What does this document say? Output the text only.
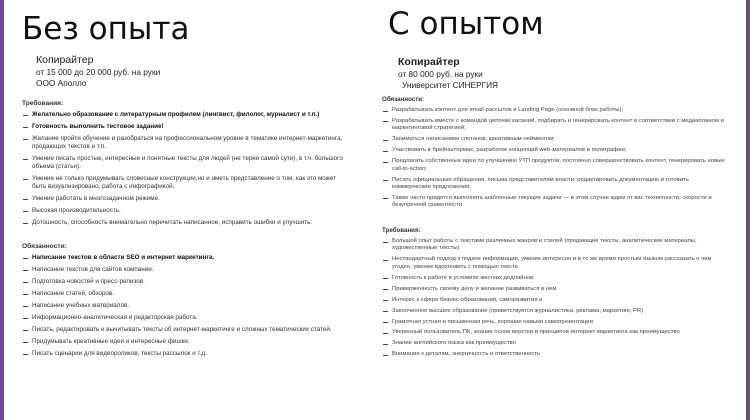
Без опыта
Копирайтер
от 15 000 до 20 000 руб. на руки
ООО Аполло
Требования:
Желательно образование с литературным профилем (лингвист, филолог, журналист и т.п.)
Готовность выполнить тестовое задание!
Желание пройти обучение и разобраться на профессиональном уровне в тематике интернет-маркетинга, продающих текстов и т.п.
Умение писать простые, интересные и понятные тексты для людей (не теряя самой сути), в т.ч. большого объема (статьи).
Умение не только придумывать словесные конструкции,но и иметь представление о том, как это может быть визуализировано, работа с инфографикой.
Умение работать в многозадачном режиме.
Высокая производительность.
Дотошность, способность внимательно перечитать написанное, исправить ошибки и улучшить.
Обязанности:
Написание текстов в области SEO и интернет маркетинга.
Написание текстов для сайтов компании.
Подготовка новостей и пресс-релизов.
Написание статей, обзоров.
Написание учебных материалов.
Информационно-аналитическая и редакторская работа.
Писать, редактировать и вычитывать тексты об интернет-маркетинге и сложных тематических статей.
Придумывать креативные идеи и интересные фишки.
Писать сценарии для видеороликов, тексты рассылок и т.д.
С опытом
Копирайтер
от 80 000 руб. на руки
Университет СИНЕРГИЯ
Обязанности:
Разрабатывать контент для email-рассылок и Landing Page (основной блок работы);
Разрабатывать вместе с командой цепочки касаний, подбирать и генерировать контент в соответствии с медиапланом и маркетинговой стратегией;
Заниматься написанием слоганов, креативным неймингом;
Участвовать в брейнштормах, разработке концепций web-материалов и полиграфии;
Предлагать собственные идеи по улучшению УТП продуктов, постоянно совершенствовать контент, генерировать новые call-to-action;
Писать официальные обращения, письма представителям власти, редактировать документацию и готовить коммерческие предложения;
Также часто придется выполнять шаблонные текущие задачи — в этом случае ждем от вас техничности, скорости и безупречной грамотности.
Требования:
Большой опыт работы с текстами различных жанров и стилей (продающие тексты, аналитические материалы, художественные тексты)
Нестандартный подход к подаче информации, умение интересно и в то же время простым языком рассказать о чем угодно, умение вдохновить с помощью текста
Готовность к работе в условиях жестких дедлайнов
Приверженность своему делу и желание развиваться в нем
Интерес к сфере бизнес-образования, саморазвития и
Законченное высшее образование (приветствуется журналистика, реклама, маркетинг, PR)
Грамотная устная и письменная речь, хорошие навыки самопрезентации
Уверенный пользователь ПК, знание основ верстки и принципов интернет маркетинга как преимущество
Знание английского языка как преимущество
Внимание к деталям, энергичность и ответственность
